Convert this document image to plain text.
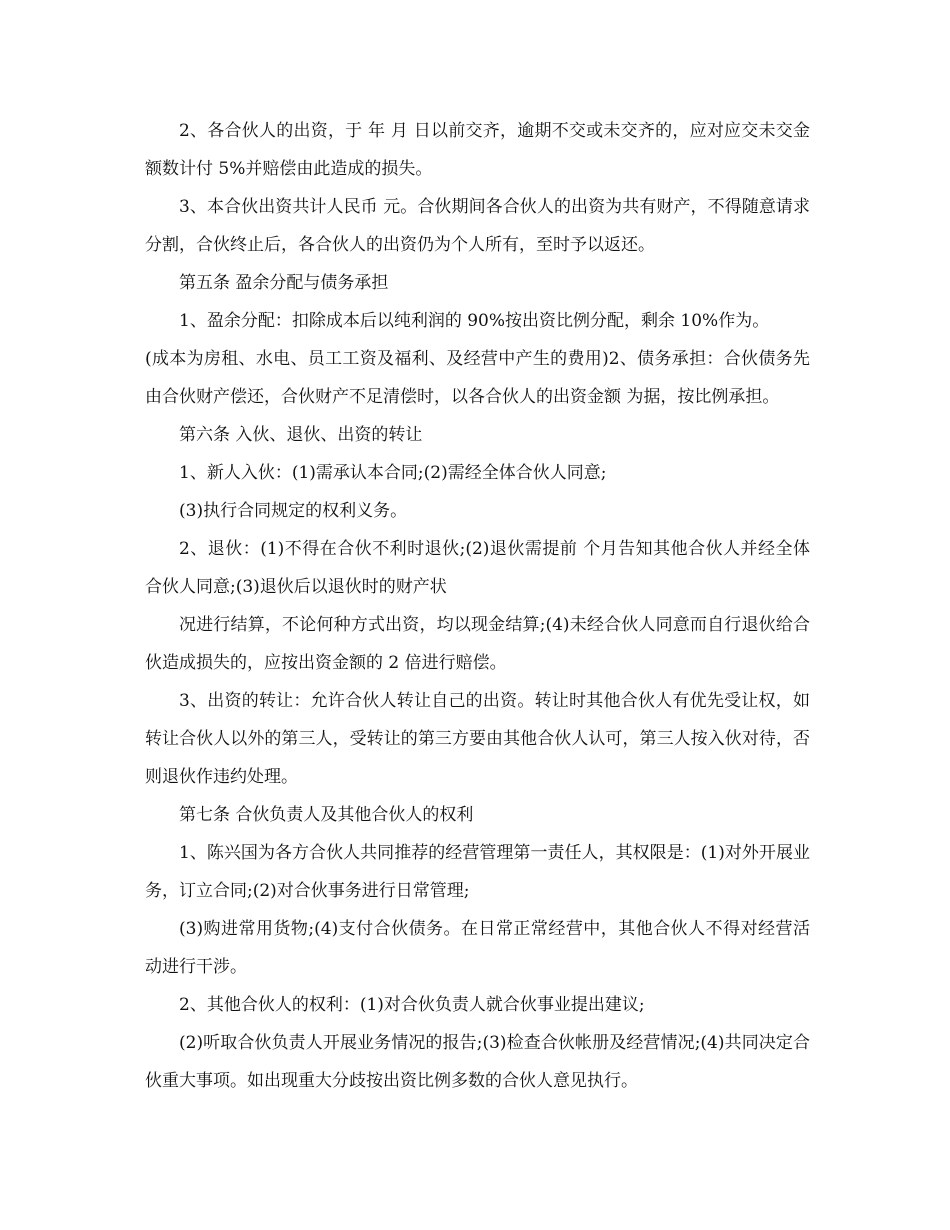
2、各合伙人的出资，于 年 月 日以前交齐，逾期不交或未交齐的，应对应交未交金额数计付 5%并赔偿由此造成的损失。

3、本合伙出资共计人民币 元。合伙期间各合伙人的出资为共有财产，不得随意请求分割，合伙终止后，各合伙人的出资仍为个人所有，至时予以返还。

第五条 盈余分配与债务承担

1、盈余分配：扣除成本后以纯利润的 90%按出资比例分配，剩余 10%作为。

(成本为房租、水电、员工工资及福利、及经营中产生的费用)2、债务承担：合伙债务先由合伙财产偿还，合伙财产不足清偿时，以各合伙人的出资金额 为据，按比例承担。

第六条 入伙、退伙、出资的转让

1、新人入伙：(1)需承认本合同;(2)需经全体合伙人同意;

(3)执行合同规定的权利义务。

2、退伙：(1)不得在合伙不利时退伙;(2)退伙需提前 个月告知其他合伙人并经全体合伙人同意;(3)退伙后以退伙时的财产状

况进行结算，不论何种方式出资，均以现金结算;(4)未经合伙人同意而自行退伙给合伙造成损失的，应按出资金额的 2 倍进行赔偿。

3、出资的转让：允许合伙人转让自己的出资。转让时其他合伙人有优先受让权，如转让合伙人以外的第三人，受转让的第三方要由其他合伙人认可，第三人按入伙对待，否则退伙作违约处理。

第七条 合伙负责人及其他合伙人的权利

1、陈兴国为各方合伙人共同推荐的经营管理第一责任人，其权限是：(1)对外开展业务，订立合同;(2)对合伙事务进行日常管理;

(3)购进常用货物;(4)支付合伙债务。在日常正常经营中，其他合伙人不得对经营活动进行干涉。

2、其他合伙人的权利：(1)对合伙负责人就合伙事业提出建议;

(2)听取合伙负责人开展业务情况的报告;(3)检查合伙帐册及经营情况;(4)共同决定合伙重大事项。如出现重大分歧按出资比例多数的合伙人意见执行。
